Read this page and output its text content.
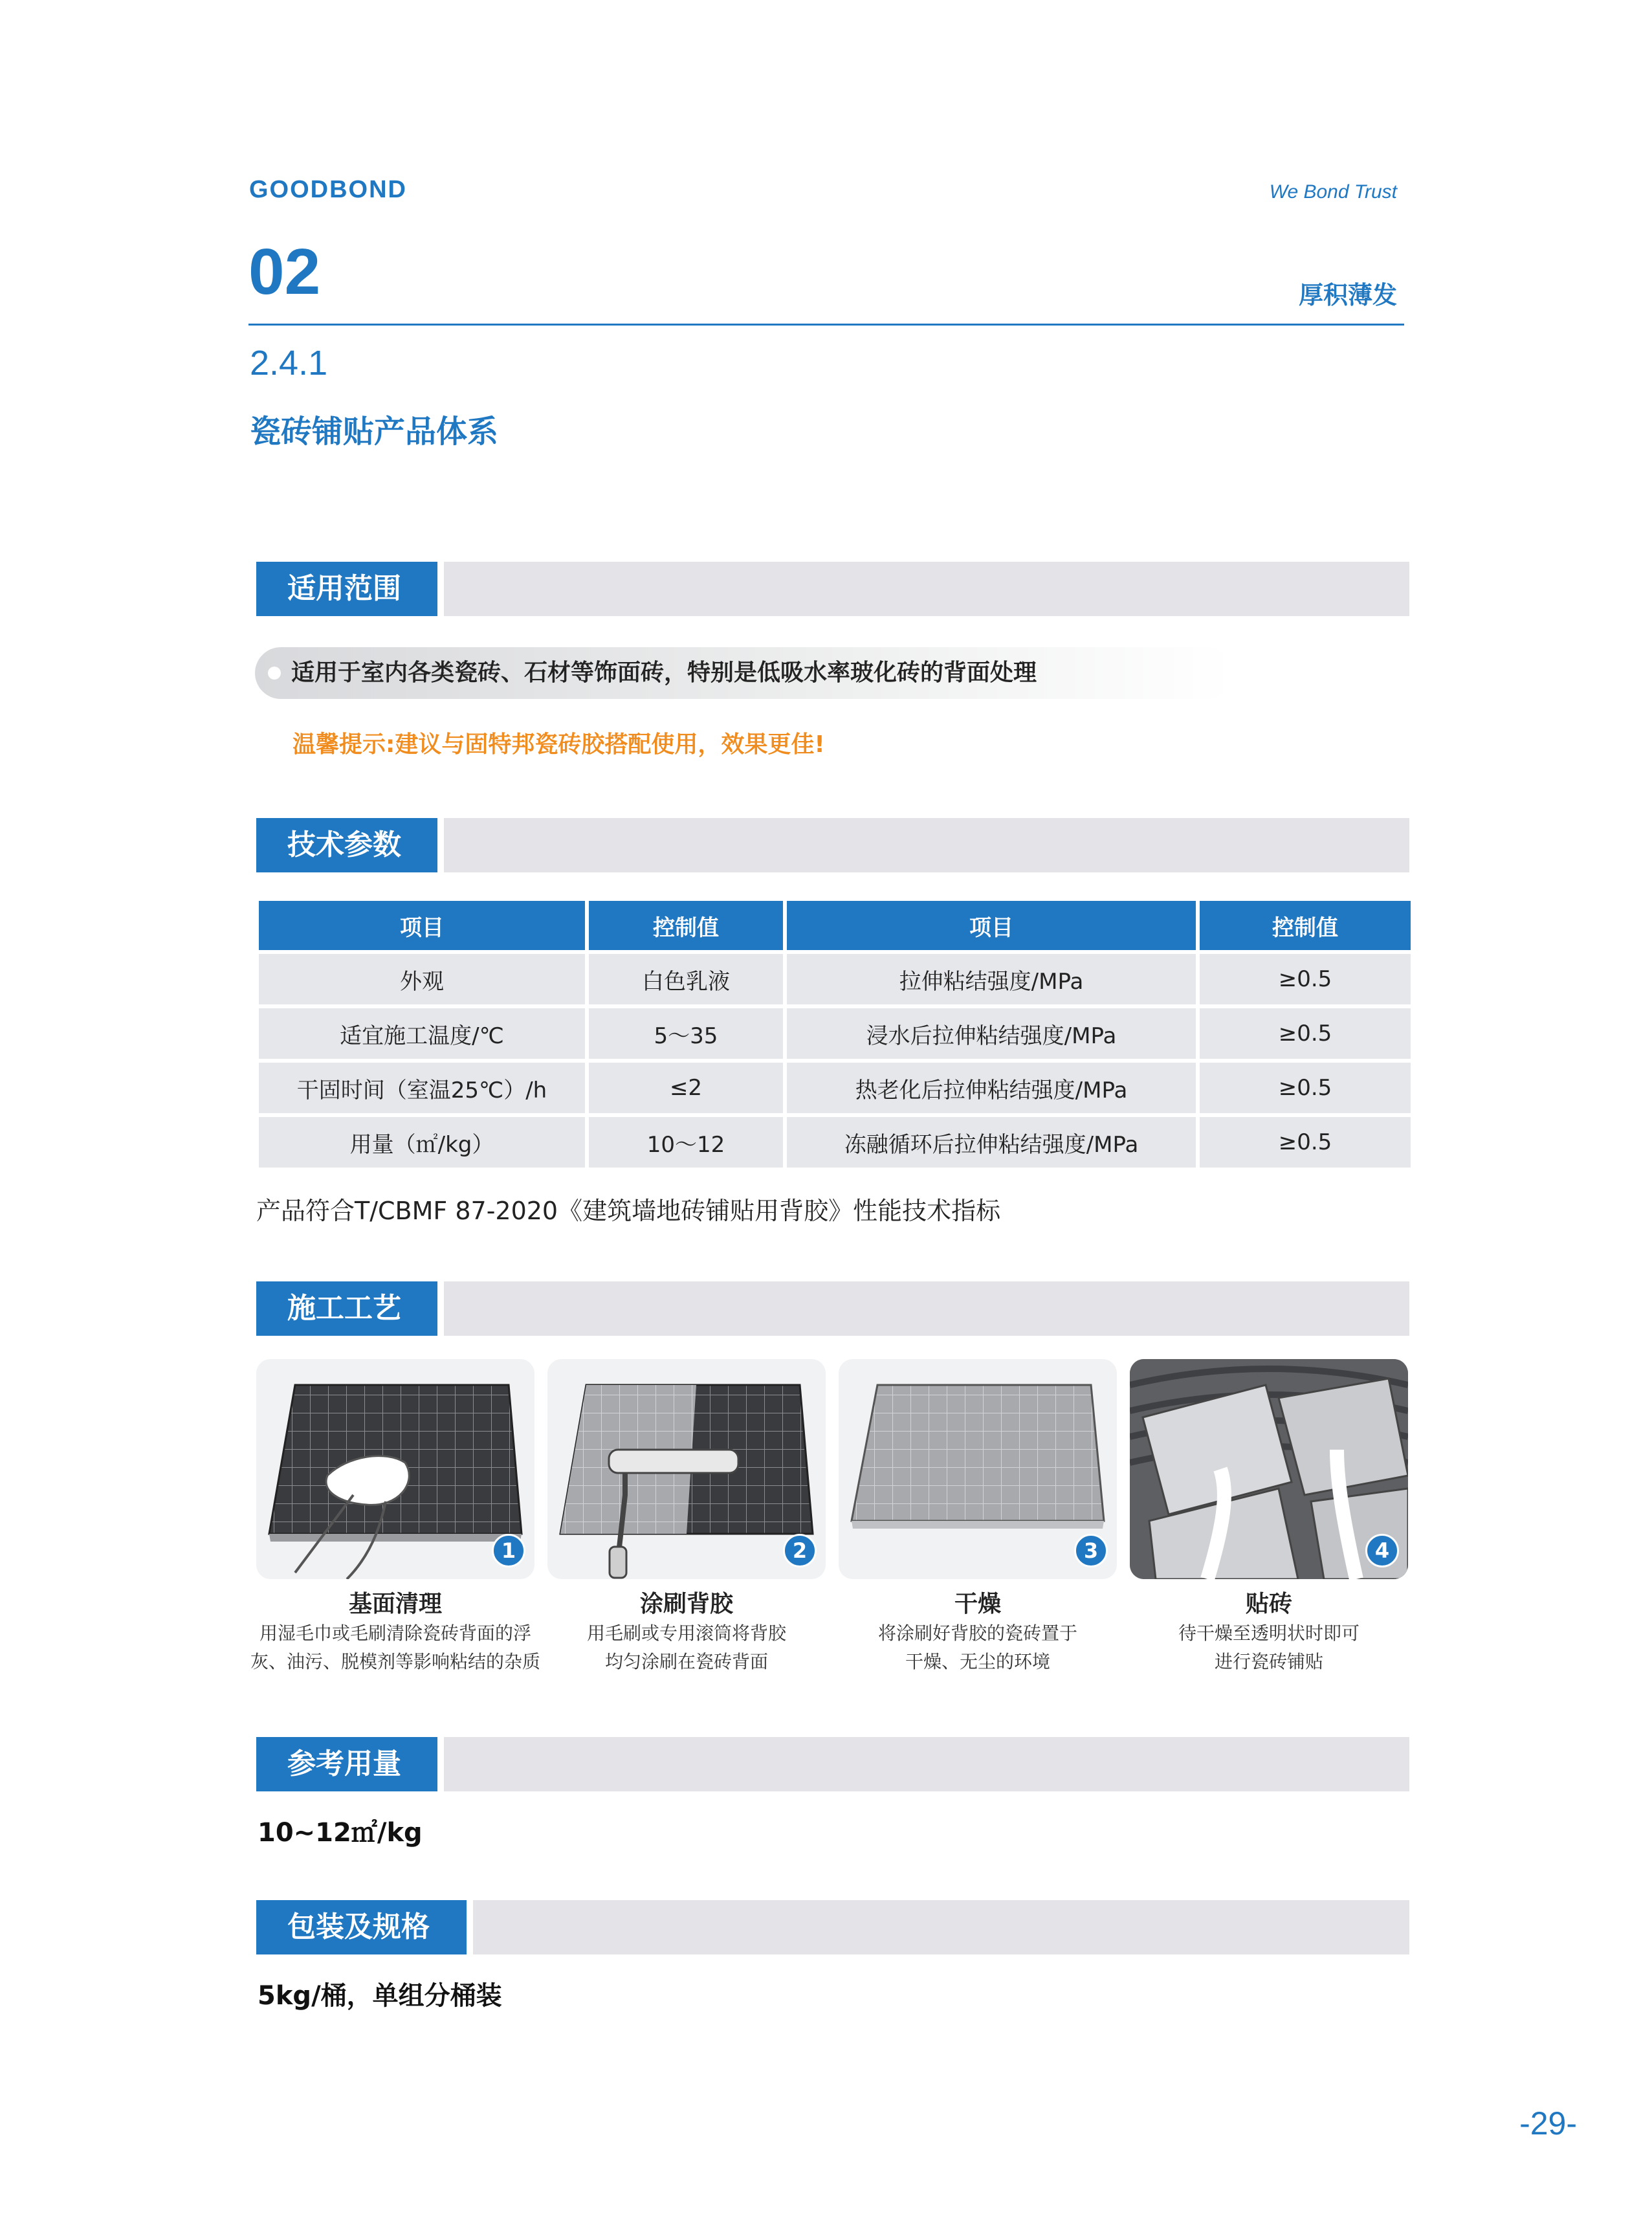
GOODBOND	We Bond Trust
02	厚积薄发
2.4.1
瓷砖铺贴产品体系
适用范围
适用于室内各类瓷砖、石材等饰面砖，特别是低吸水率玻化砖的背面处理
温馨提示:建议与固特邦瓷砖胶搭配使用，效果更佳!
技术参数
项目	控制值	项目	控制值
外观	白色乳液	拉伸粘结强度/MPa	≥0.5
适宜施工温度/℃	5～35	浸水后拉伸粘结强度/MPa	≥0.5
干固时间（室温25℃）/h	≤2	热老化后拉伸粘结强度/MPa	≥0.5
用量（㎡/kg）	10～12	冻融循环后拉伸粘结强度/MPa	≥0.5
产品符合T/CBMF 87-2020《建筑墙地砖铺贴用背胶》性能技术指标
施工工艺
1
基面清理
用湿毛巾或毛刷清除瓷砖背面的浮
灰、油污、脱模剂等影响粘结的杂质
2
涂刷背胶
用毛刷或专用滚筒将背胶
均匀涂刷在瓷砖背面
3
干燥
将涂刷好背胶的瓷砖置于
干燥、无尘的环境
4
贴砖
待干燥至透明状时即可
进行瓷砖铺贴
参考用量
10~12㎡/kg
包装及规格
5kg/桶，单组分桶装
-29-
